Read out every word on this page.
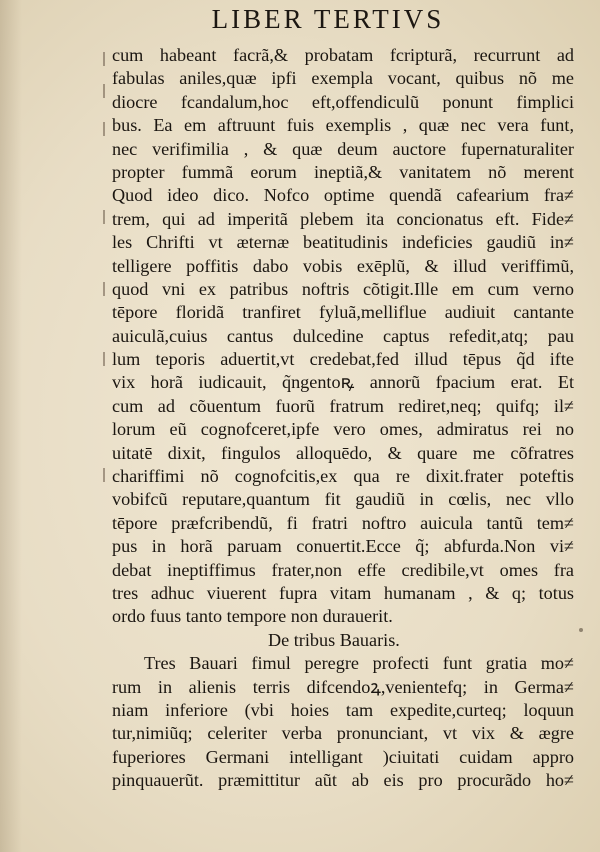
LIBER TERTIVS
cum habeant facrã,& probatam fcripturã, recurrunt ad
fabulas aniles,quæ ipfi exempla vocant, quibus nõ me
diocre fcandalum,hoc eft,offendiculũ ponunt fimplici
bus. Ea em aftruunt fuis exemplis , quæ nec vera funt,
nec verifimilia , & quæ deum auctore fupernaturaliter
propter fummã eorum ineptiã,& vanitatem nõ merent
Quod ideo dico. Nofco optime quendã cafearium fra≠
trem, qui ad imperitã plebem ita concionatus eft. Fide≠
les Chrifti vt æternæ beatitudinis indeficies gaudiũ in≠
telligere poffitis dabo vobis exēplũ, & illud veriffimũ,
quod vni ex patribus noftris cõtigit.Ille em cum verno
tēpore floridã tranfiret fyluã,melliflue audiuit cantante
auiculã,cuius cantus dulcedine captus refedit,atq; pau
lum teporis aduertit,vt credebat,fed illud tēpus q̃d ifte
vix horã iudicauit, q̃ngentoꝶ annorũ fpacium erat. Et
cum ad cõuentum fuorũ fratrum rediret,neq; quifq; il≠
lorum eũ cognofceret,ipfe vero omes, admiratus rei no
uitatē dixit, fingulos alloquēdo, & quare me cõfratres
chariffimi nõ cognofcitis,ex qua re dixit.frater poteftis
vobifcũ reputare,quantum fit gaudiũ in cœlis, nec vllo
tēpore præfcribendũ, fi fratri noftro auicula tantũ tem≠
pus in horã paruam conuertit.Ecce q̃; abfurda.Non vi≠
debat ineptiffimus frater,non effe credibile,vt omes fra
tres adhuc viuerent fupra vitam humanam , & q; totus
ordo fuus tanto tempore non durauerit.
De tribus Bauaris.
Tres Bauari fimul peregre profecti funt gratia mo≠
rum in alienis terris difcendoꝝ,venientefq; in Germa≠
niam inferiore (vbi hoies tam expedite,curteq; loquun
tur,nimiũq; celeriter verba pronunciant, vt vix & ægre
fuperiores Germani intelligant )ciuitati cuidam appro
pinquauerũt. præmittitur aũt ab eis pro procurãdo ho≠
